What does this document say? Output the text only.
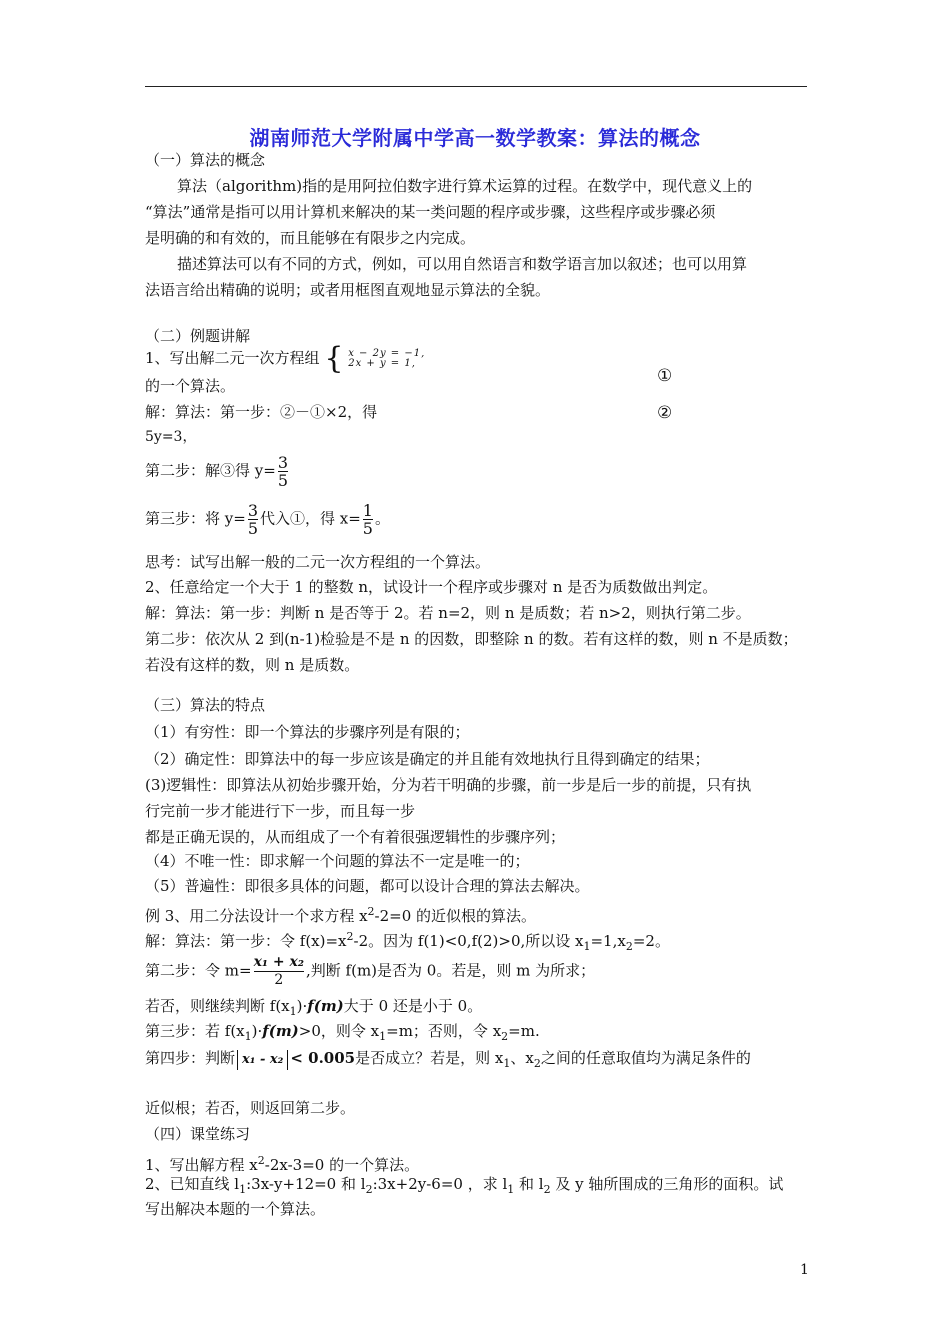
湖南师范大学附属中学高一数学教案：算法的概念
（一）算法的概念
算法（algorithm)指的是用阿拉伯数字进行算术运算的过程。在数学中，现代意义上的
“算法”通常是指可以用计算机来解决的某一类问题的程序或步骤，这些程序或步骤必须
是明确的和有效的，而且能够在有限步之内完成。
描述算法可以有不同的方式，例如，可以用自然语言和数学语言加以叙述；也可以用算
法语言给出精确的说明；或者用框图直观地显示算法的全貌。
（二）例题讲解
1、写出解二元一次方程组 { x − 2y = −1,
2x + y = 1,
的一个算法。	①
②
解：算法：第一步：②－①×2，得
5y=3，
第二步：解③得 $y= \frac{3}{5}$
第三步：将 $y= \frac{3}{5}$ 代入①，得 $x= \frac{1}{5}$ 。
思考：试写出解一般的二元一次方程组的一个算法。
2、任意给定一个大于 1 的整数 n，试设计一个程序或步骤对 n 是否为质数做出判定。
解：算法：第一步：判断 n 是否等于 2。若 n=2，则 n 是质数；若 n>2，则执行第二步。
第二步：依次从 2 到(n-1)检验是不是 n 的因数，即整除 n 的数。若有这样的数，则 n 不是质数；
若没有这样的数，则 n 是质数。
（三）算法的特点
（1）有穷性：即一个算法的步骤序列是有限的；
（2）确定性：即算法中的每一步应该是确定的并且能有效地执行且得到确定的结果；
(3)逻辑性：即算法从初始步骤开始，分为若干明确的步骤，前一步是后一步的前提，只有执
行完前一步才能进行下一步，而且每一步
都是正确无误的，从而组成了一个有着很强逻辑性的步骤序列；
（4）不唯一性：即求解一个问题的算法不一定是唯一的；
（5）普遍性：即很多具体的问题，都可以设计合理的算法去解决。
例 3、用二分法设计一个求方程 $x^2-2=0$ 的近似根的算法。
解：算法：第一步：令 $f(x)=x^2-2$。因为 f(1)<0,f(2)>0,所以设 $x_1=1,x_2=2$。
第二步：令 $m= \frac{\text{x₁ + x₂}}{2}$ ,判断 f(m)是否为 0。若是，则 m 为所求；
若否，则继续判断 $f(x_1)\cdot f(m)$大于 0 还是小于 0。
第三步：若 $f(x_1)\cdot f(m)>0$，则令 $x_1=m$；否则，令 $x_2=m$.
第四步：判断 x₁ - x₂ < 0.005是否成立？若是，则 $x_1$、$x_2$之间的任意取值均为满足条件的
近似根；若否，则返回第二步。
（四）课堂练习
1、写出解方程 $x^2-2x-3=0$ 的一个算法。
2、已知直线 $l_1:3x-y+12=0$ 和 $l_2:3x+2y-6=0$ ，求 $l_1$ 和 $l_2$ 及 y 轴所围成的三角形的面积。试
写出解决本题的一个算法。
1
